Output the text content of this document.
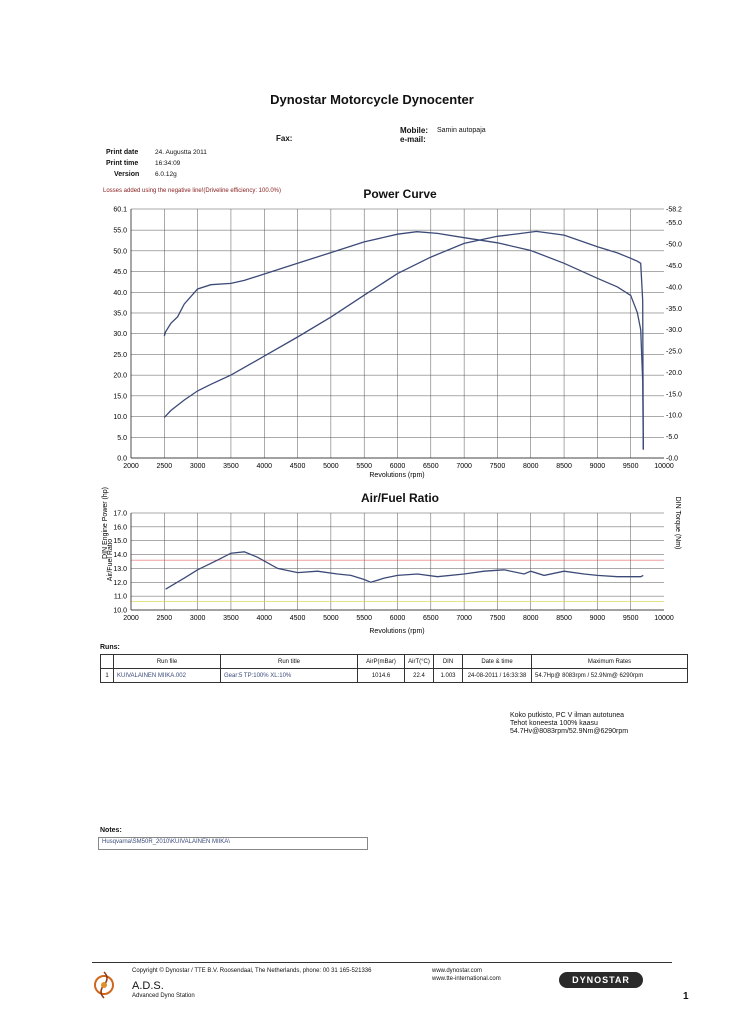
Dynostar Motorcycle Dynocenter
Fax:
Mobile: Samin autopaja
e-mail:
Print date	24. Augustta 2011
Print time	16:34:09
Version 6.0.12g
Losses added using the negative line!(Driveline efficiency: 100.0%)	Power Curve
2000	2500	3000	3500	4000	4500	5000	5500	6000	6500	7000	7500	8000	8500	9000	9500 10000
0.0
5.0
10.0
15.0
20.0
25.0
30.0
35.0
40.0
45.0
50.0
55.0
60.1
-0.0
-5.0
-10.0
-15.0
-20.0
-25.0
-30.0
-35.0
-40.0
-45.0
-50.0
-55.0
-58.2
DIN Engine Power (hp)	DIN Torque (Nm)
Revolutions (rpm)
Air/Fuel Ratio
2000	2500	3000	3500	4000	4500	5000	5500	6000	6500	7000	7500	8000	8500	9000	9500 10000
10.0
11.0
12.0
13.0
14.0
15.0
16.0
17.0
Air/Fuel Ratio
Revolutions (rpm)
Runs:
	Run file	Run title	AirP(mBar)	AirT(°C)	DIN	Date & time	Maximum Rates
1	KUIVALAINEN MIIKA.002	Gear:5 TP:100% XL:10%	1014.6	22.4	1.003	24-08-2011 / 16:33:38	54.7Hp@ 8083rpm / 52.9Nm@ 6290rpm
Koko putkisto, PC V ilman autotunea
Tehot koneesta 100% kaasu
54.7Hv@8083rpm/52.9Nm@6290rpm
Notes:
Husqvarna\SM50R_2010\KUIVALAINEN MIIKA\
Copyright © Dynostar / TTE B.V. Roosendaal, The Netherlands, phone: 00 31 165-521336
A.D.S.
Advanced Dyno Station
www.dynostar.com
www.tte-international.com	DYNOSTAR
1
